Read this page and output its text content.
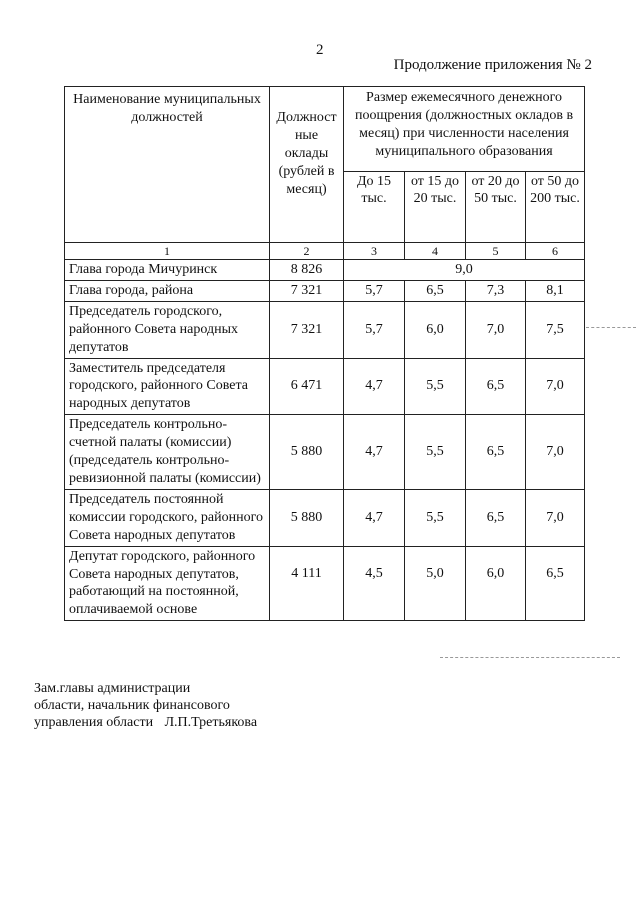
2
Продолжение приложения № 2
Наименование муниципальных должностей	Должност ные оклады (рублей в месяц)	Размер ежемесячного денежного поощрения (должностных окладов в месяц) при численности населения муниципального образования			
		До 15 тыс.	от 15 до 20 тыс.	от 20 до 50 тыс.	от 50 до 200 тыс.
1	2	3	4	5	6
Глава города Мичуринск	8 826	9,0			
Глава города, района	7 321	5,7	6,5	7,3	8,1
Председатель городского, районного Совета народных депутатов	7 321	5,7	6,0	7,0	7,5
Заместитель председателя городского, районного Совета народных депутатов	6 471	4,7	5,5	6,5	7,0
Председатель контрольно-счетной палаты (комиссии) (председатель контрольно-ревизионной палаты (комиссии)	5 880	4,7	5,5	6,5	7,0
Председатель постоянной комиссии городского, районного Совета народных депутатов	5 880	4,7	5,5	6,5	7,0
Депутат городского, районного Совета народных депутатов, работающий на постоянной, оплачиваемой основе	4 111	4,5	5,0	6,0	6,5
Зам.главы администрации
области, начальник финансового
управления области Л.П.Третьякова
